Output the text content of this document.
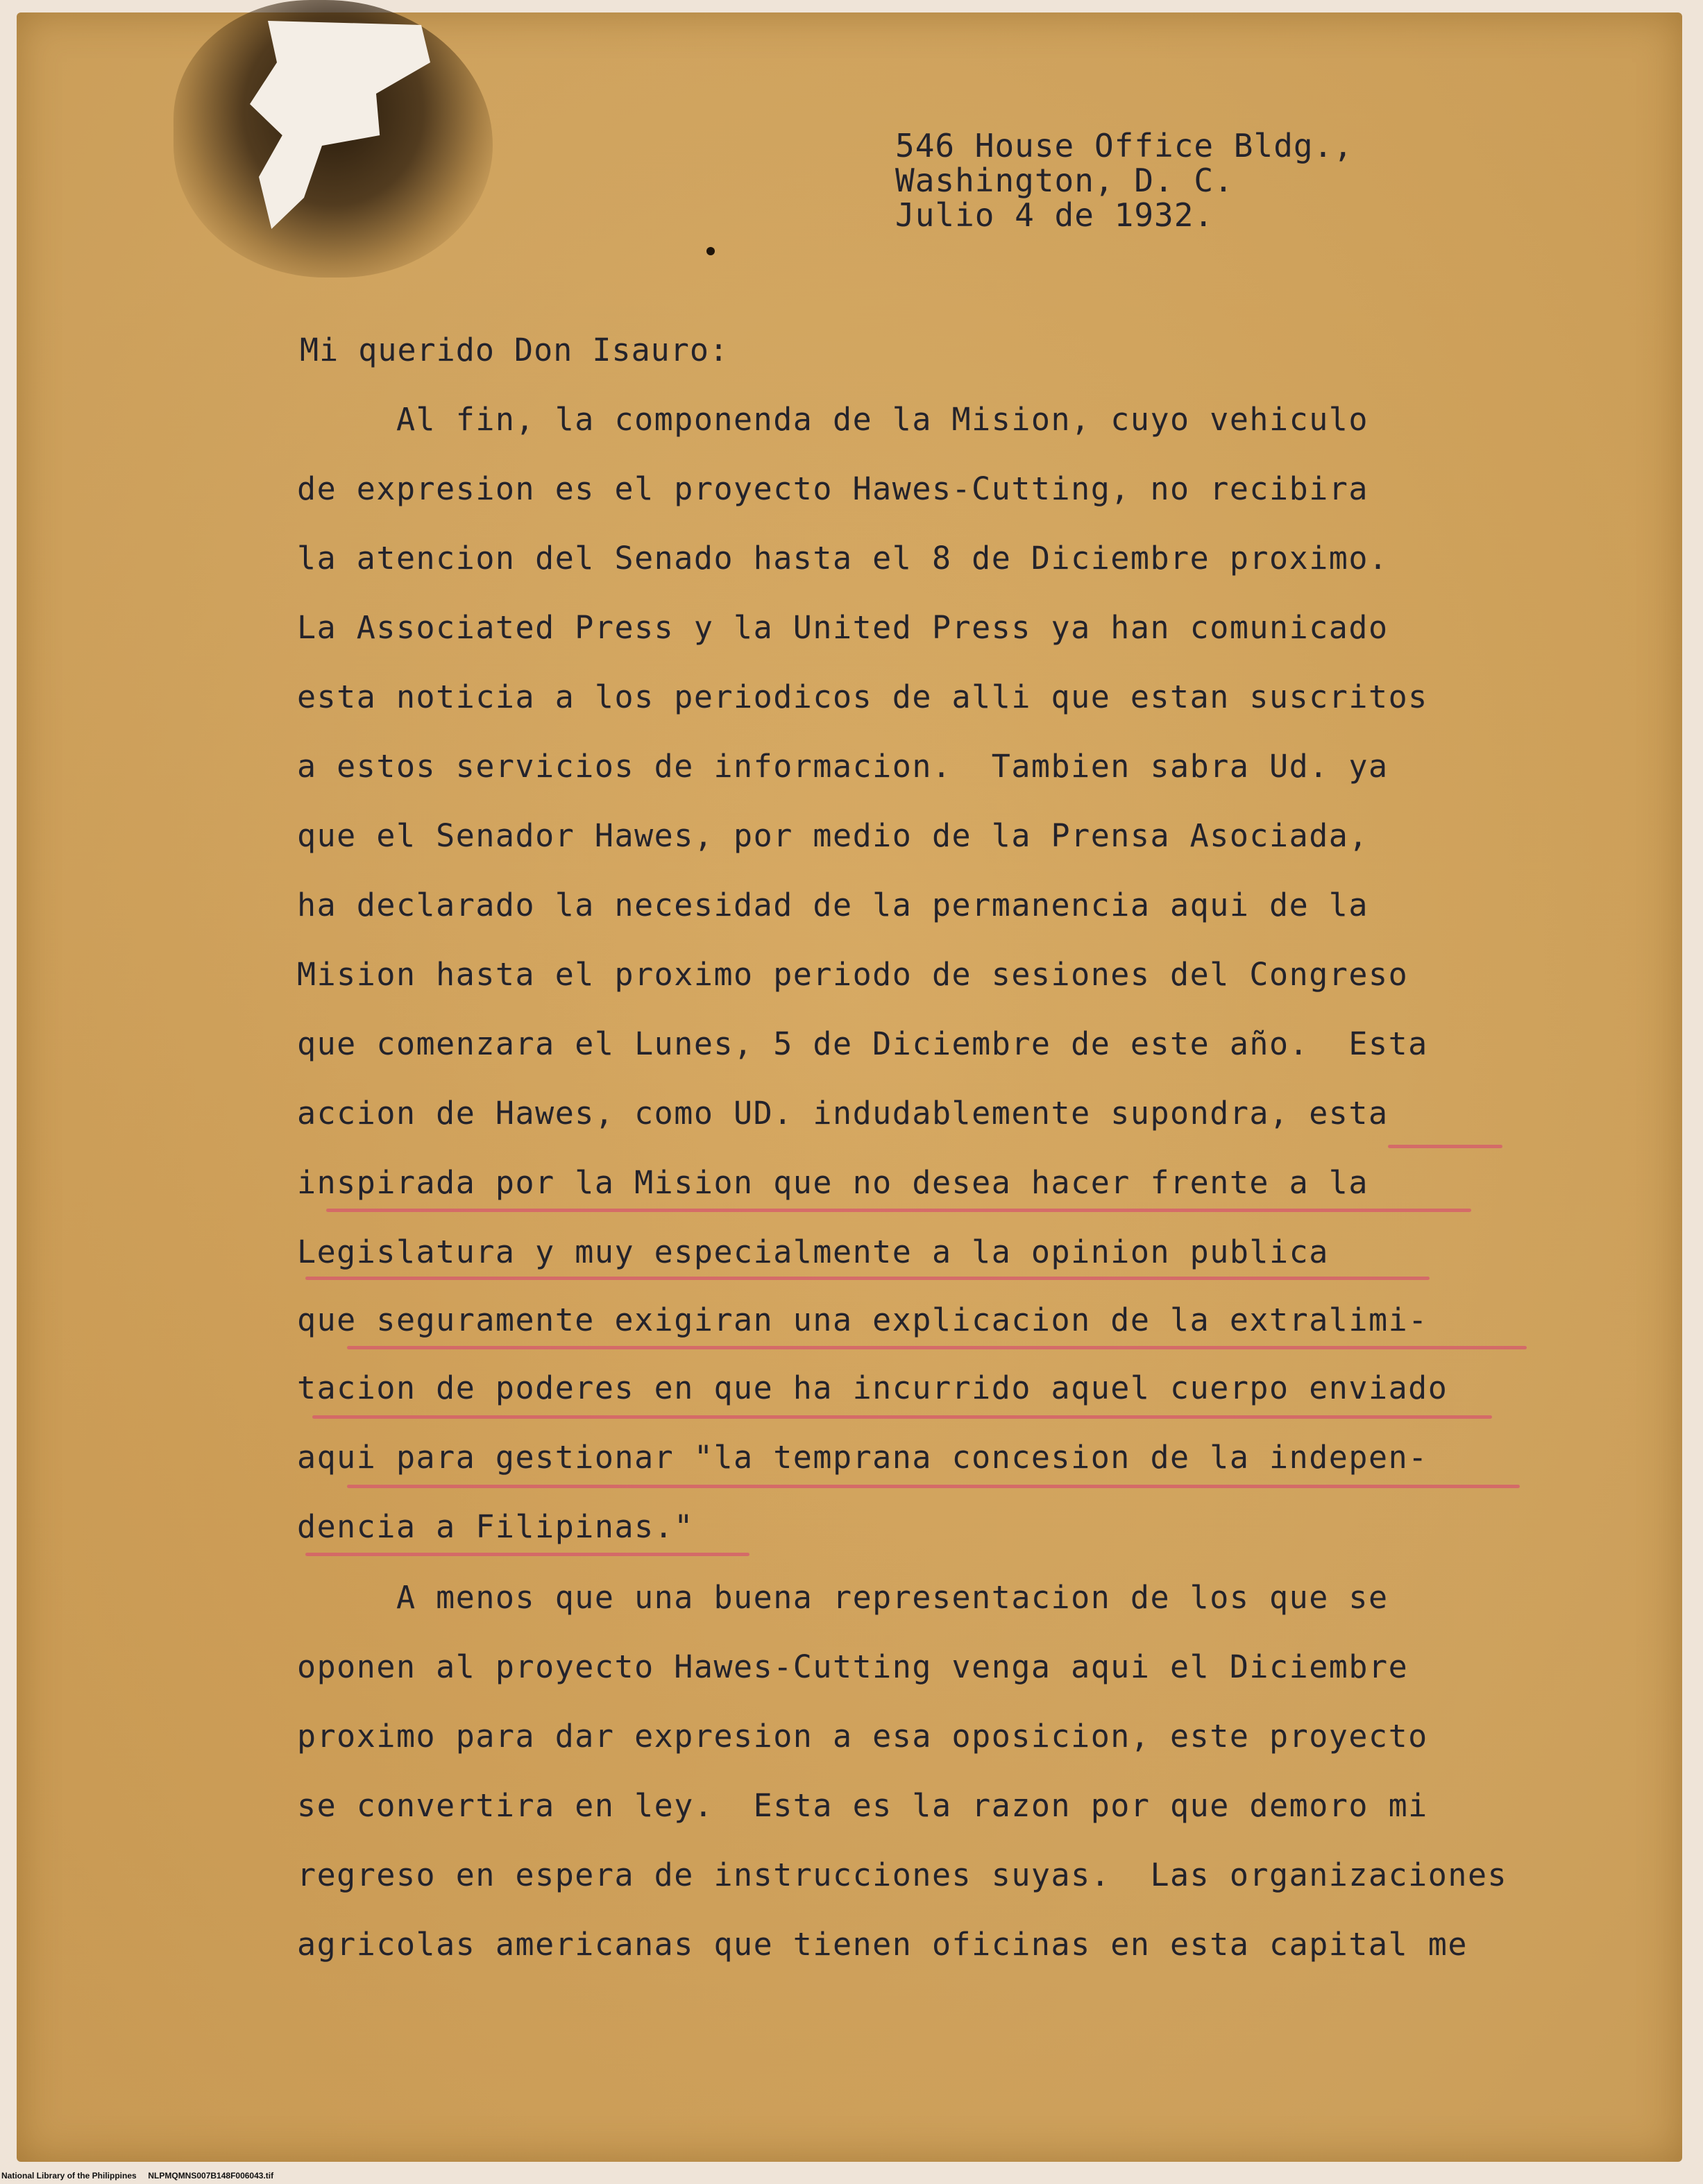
546 House Office Bldg.,
Washington, D. C.
Julio 4 de 1932.
Mi querido Don Isauro:
Al fin, la componenda de la Mision, cuyo vehiculo
de expresion es el proyecto Hawes-Cutting, no recibira
la atencion del Senado hasta el 8 de Diciembre proximo.
La Associated Press y la United Press ya han comunicado
esta noticia a los periodicos de alli que estan suscritos
a estos servicios de informacion.  Tambien sabra Ud. ya
que el Senador Hawes, por medio de la Prensa Asociada,
ha declarado la necesidad de la permanencia aqui de la
Mision hasta el proximo periodo de sesiones del Congreso
que comenzara el Lunes, 5 de Diciembre de este año.  Esta
accion de Hawes, como UD. indudablemente supondra, esta
inspirada por la Mision que no desea hacer frente a la
Legislatura y muy especialmente a la opinion publica
que seguramente exigiran una explicacion de la extralimi-
tacion de poderes en que ha incurrido aquel cuerpo enviado
aqui para gestionar "la temprana concesion de la indepen-
dencia a Filipinas."
A menos que una buena representacion de los que se
oponen al proyecto Hawes-Cutting venga aqui el Diciembre
proximo para dar expresion a esa oposicion, este proyecto
se convertira en ley.  Esta es la razon por que demoro mi
regreso en espera de instrucciones suyas.  Las organizaciones
agricolas americanas que tienen oficinas en esta capital me
National Library of the Philippines     NLPMQMNS007B148F006043.tif
